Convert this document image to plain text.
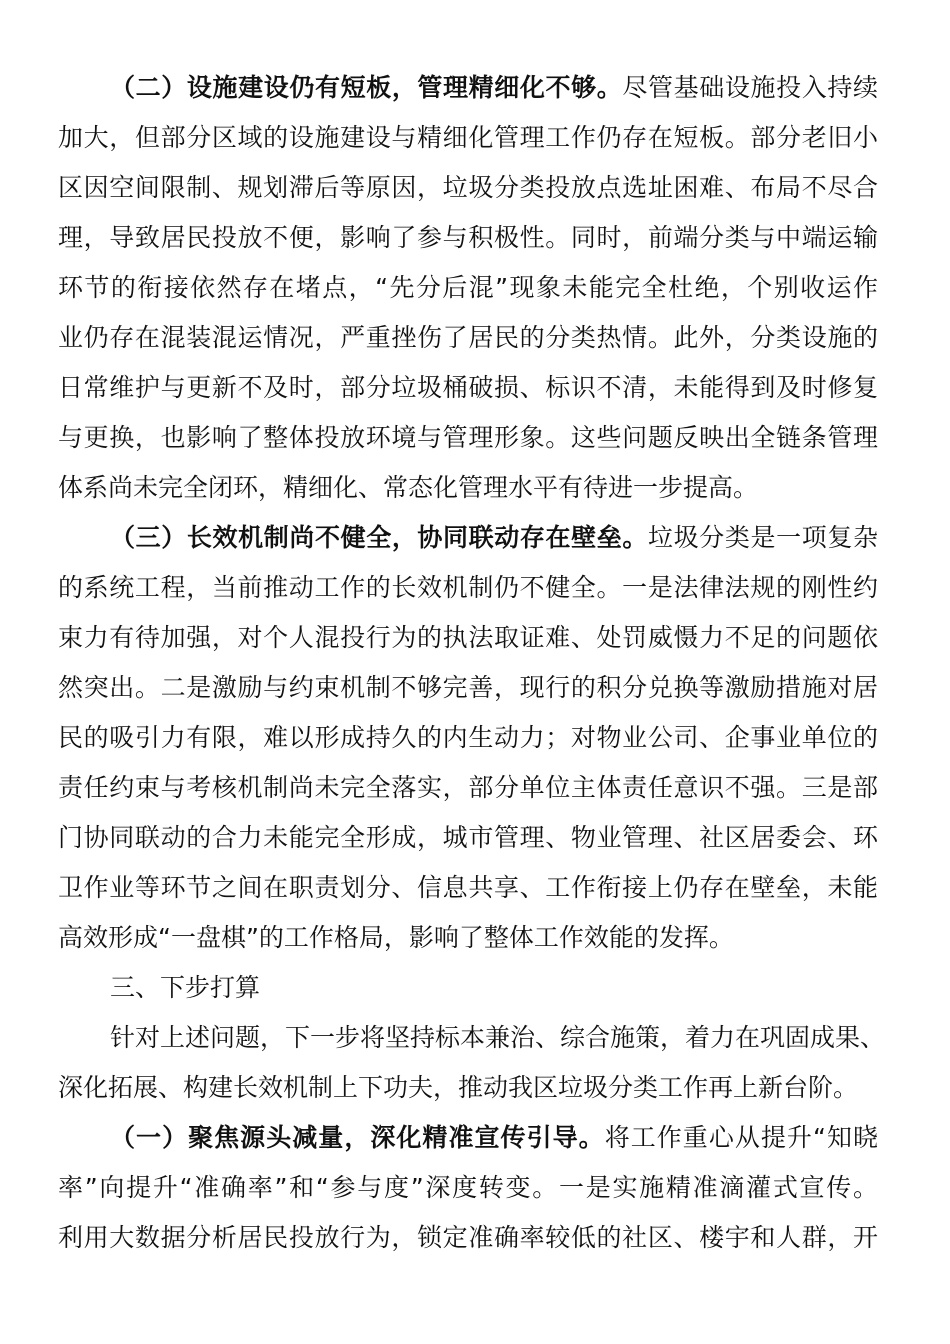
（二）设施建设仍有短板，管理精细化不够。尽管基础设施投入持续
加大，但部分区域的设施建设与精细化管理工作仍存在短板。部分老旧小
区因空间限制、规划滞后等原因，垃圾分类投放点选址困难、布局不尽合
理，导致居民投放不便，影响了参与积极性。同时，前端分类与中端运输
环节的衔接依然存在堵点，“先分后混”现象未能完全杜绝，个别收运作
业仍存在混装混运情况，严重挫伤了居民的分类热情。此外，分类设施的
日常维护与更新不及时，部分垃圾桶破损、标识不清，未能得到及时修复
与更换，也影响了整体投放环境与管理形象。这些问题反映出全链条管理
体系尚未完全闭环，精细化、常态化管理水平有待进一步提高。
（三）长效机制尚不健全，协同联动存在壁垒。垃圾分类是一项复杂
的系统工程，当前推动工作的长效机制仍不健全。一是法律法规的刚性约
束力有待加强，对个人混投行为的执法取证难、处罚威慑力不足的问题依
然突出。二是激励与约束机制不够完善，现行的积分兑换等激励措施对居
民的吸引力有限，难以形成持久的内生动力；对物业公司、企事业单位的
责任约束与考核机制尚未完全落实，部分单位主体责任意识不强。三是部
门协同联动的合力未能完全形成，城市管理、物业管理、社区居委会、环
卫作业等环节之间在职责划分、信息共享、工作衔接上仍存在壁垒，未能
高效形成“一盘棋”的工作格局，影响了整体工作效能的发挥。
三、下步打算
针对上述问题，下一步将坚持标本兼治、综合施策，着力在巩固成果、
深化拓展、构建长效机制上下功夫，推动我区垃圾分类工作再上新台阶。
（一）聚焦源头减量，深化精准宣传引导。将工作重心从提升“知晓
率”向提升“准确率”和“参与度”深度转变。一是实施精准滴灌式宣传。
利用大数据分析居民投放行为，锁定准确率较低的社区、楼宇和人群，开
